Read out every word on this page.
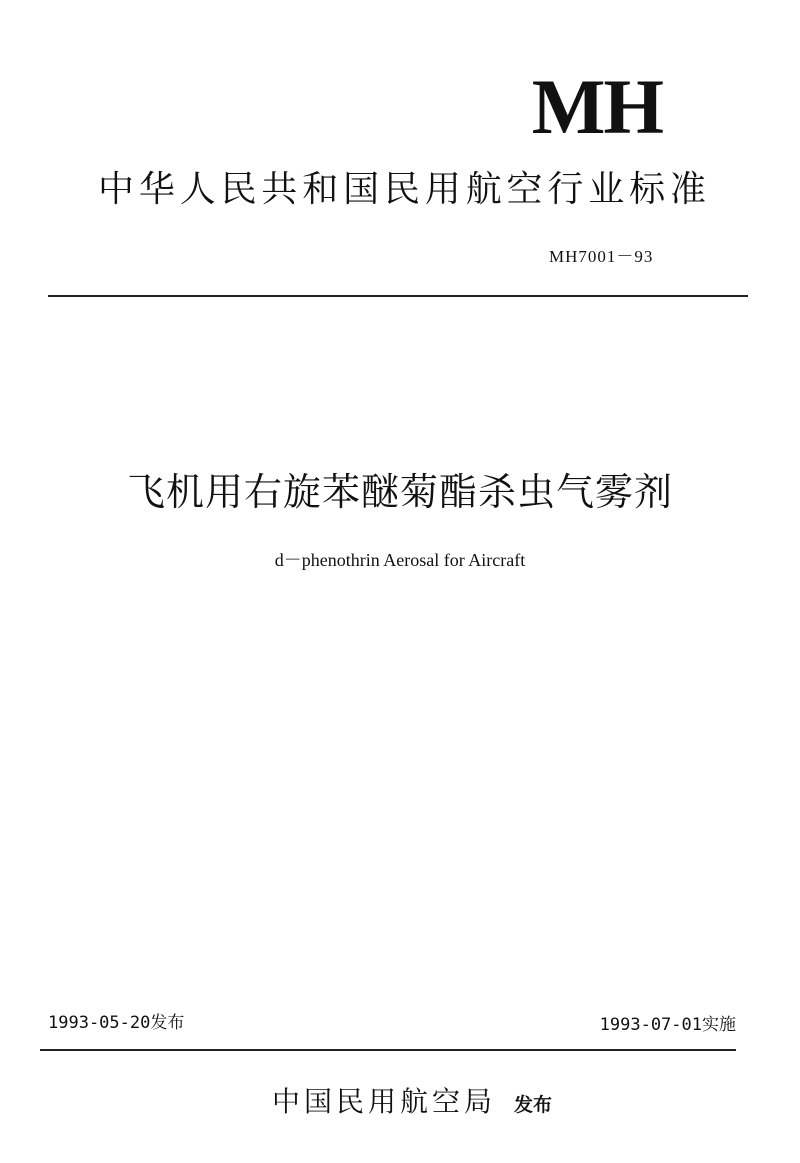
MH
中华人民共和国民用航空行业标准
MH7001－93
飞机用右旋苯醚菊酯杀虫气雾剂
d－phenothrin Aerosal for Aircraft
1993-05-20发布	1993-07-01实施
中国民用航空局 发布
